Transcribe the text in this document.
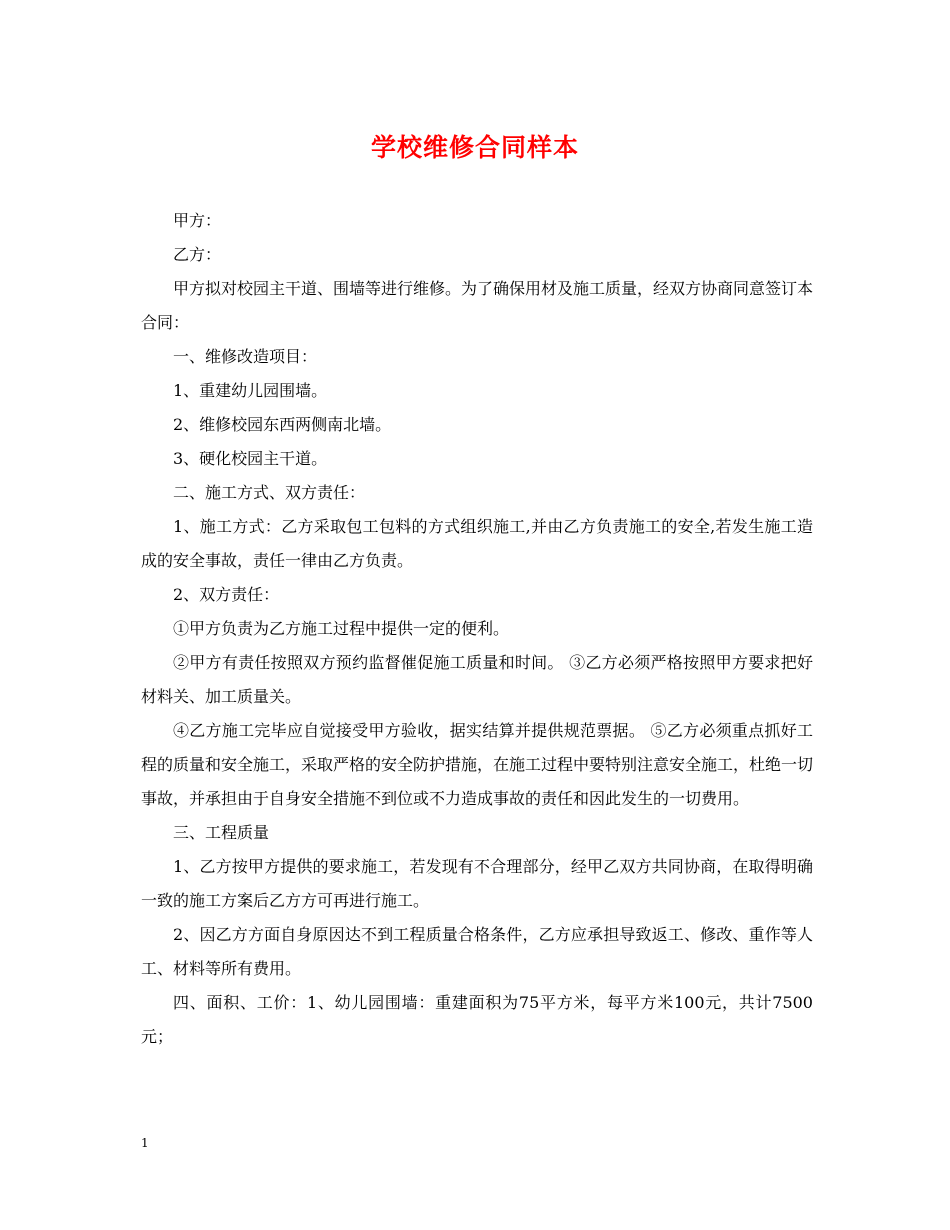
学校维修合同样本

甲方：

乙方：

甲方拟对校园主干道、围墙等进行维修。为了确保用材及施工质量，经双方协商同意签订本合同：

一、维修改造项目：

1、重建幼儿园围墙。

2、维修校园东西两侧南北墙。

3、硬化校园主干道。

二、施工方式、双方责任：

1、施工方式：乙方采取包工包料的方式组织施工,并由乙方负责施工的安全,若发生施工造成的安全事故，责任一律由乙方负责。

2、双方责任：

①甲方负责为乙方施工过程中提供一定的便利。

②甲方有责任按照双方预约监督催促施工质量和时间。 ③乙方必须严格按照甲方要求把好材料关、加工质量关。

④乙方施工完毕应自觉接受甲方验收，据实结算并提供规范票据。 ⑤乙方必须重点抓好工程的质量和安全施工，采取严格的安全防护措施，在施工过程中要特别注意安全施工，杜绝一切事故，并承担由于自身安全措施不到位或不力造成事故的责任和因此发生的一切费用。

三、工程质量

1、乙方按甲方提供的要求施工，若发现有不合理部分，经甲乙双方共同协商，在取得明确一致的施工方案后乙方方可再进行施工。

2、因乙方方面自身原因达不到工程质量合格条件，乙方应承担导致返工、修改、重作等人工、材料等所有费用。

四、面积、工价：1、幼儿园围墙：重建面积为75平方米，每平方米100元，共计7500元；

1
